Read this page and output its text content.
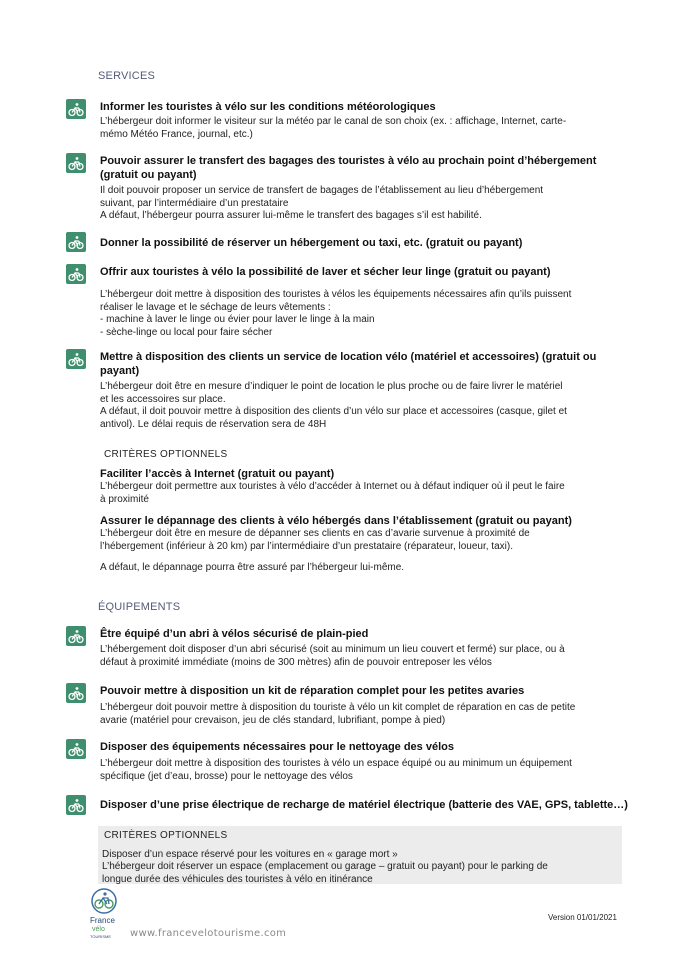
SERVICES
Informer les touristes à vélo sur les conditions météorologiques
L’hébergeur doit informer le visiteur sur la météo par le canal de son choix (ex. : affichage, Internet, carte-
mémo Météo France, journal, etc.)
Pouvoir assurer le transfert des bagages des touristes à vélo au prochain point d’hébergement
(gratuit ou payant)
Il doit pouvoir proposer un service de transfert de bagages de l’établissement au lieu d’hébergement
suivant, par l’intermédiaire d’un prestataire
A défaut, l’hébergeur pourra assurer lui-même le transfert des bagages s’il est habilité.
Donner la possibilité de réserver un hébergement ou taxi, etc. (gratuit ou payant)
Offrir aux touristes à vélo la possibilité de laver et sécher leur linge (gratuit ou payant)
L’hébergeur doit mettre à disposition des touristes à vélos les équipements nécessaires afin qu’ils puissent
réaliser le lavage et le séchage de leurs vêtements :
- machine à laver le linge ou évier pour laver le linge à la main
- sèche-linge ou local pour faire sécher
Mettre à disposition des clients un service de location vélo (matériel et accessoires) (gratuit ou
payant)
L’hébergeur doit être en mesure d’indiquer le point de location le plus proche ou de faire livrer le matériel
et les accessoires sur place.
A défaut, il doit pouvoir mettre à disposition des clients d’un vélo sur place et accessoires (casque, gilet et
antivol). Le délai requis de réservation sera de 48H
CRITÈRES OPTIONNELS
Faciliter l’accès à Internet (gratuit ou payant)
L’hébergeur doit permettre aux touristes à vélo d’accéder à Internet ou à défaut indiquer où il peut le faire
à proximité
Assurer le dépannage des clients à vélo hébergés dans l’établissement (gratuit ou payant)
L’hébergeur doit être en mesure de dépanner ses clients en cas d’avarie survenue à proximité de
l’hébergement (inférieur à 20 km) par l’intermédiaire d’un prestataire (réparateur, loueur, taxi).
A défaut, le dépannage pourra être assuré par l’hébergeur lui-même.
ÉQUIPEMENTS
Être équipé d’un abri à vélos sécurisé de plain-pied
L’hébergement doit disposer d’un abri sécurisé (soit au minimum un lieu couvert et fermé) sur place, ou à
défaut à proximité immédiate (moins de 300 mètres) afin de pouvoir entreposer les vélos
Pouvoir mettre à disposition un kit de réparation complet pour les petites avaries
L’hébergeur doit pouvoir mettre à disposition du touriste à vélo un kit complet de réparation en cas de petite
avarie (matériel pour crevaison, jeu de clés standard, lubrifiant, pompe à pied)
Disposer des équipements nécessaires pour le nettoyage des vélos
L’hébergeur doit mettre à disposition des touristes à vélo un espace équipé ou au minimum un équipement
spécifique (jet d’eau, brosse) pour le nettoyage des vélos
Disposer d’une prise électrique de recharge de matériel électrique (batterie des VAE, GPS, tablette…)
CRITÈRES OPTIONNELS
Disposer d’un espace réservé pour les voitures en « garage mort »
L’hébergeur doit réserver un espace (emplacement ou garage – gratuit ou payant) pour le parking de
longue durée des véhicules des touristes à vélo en itinérance
France
vélo
TOURISME www.francevelotourisme.com
Version 01/01/2021
